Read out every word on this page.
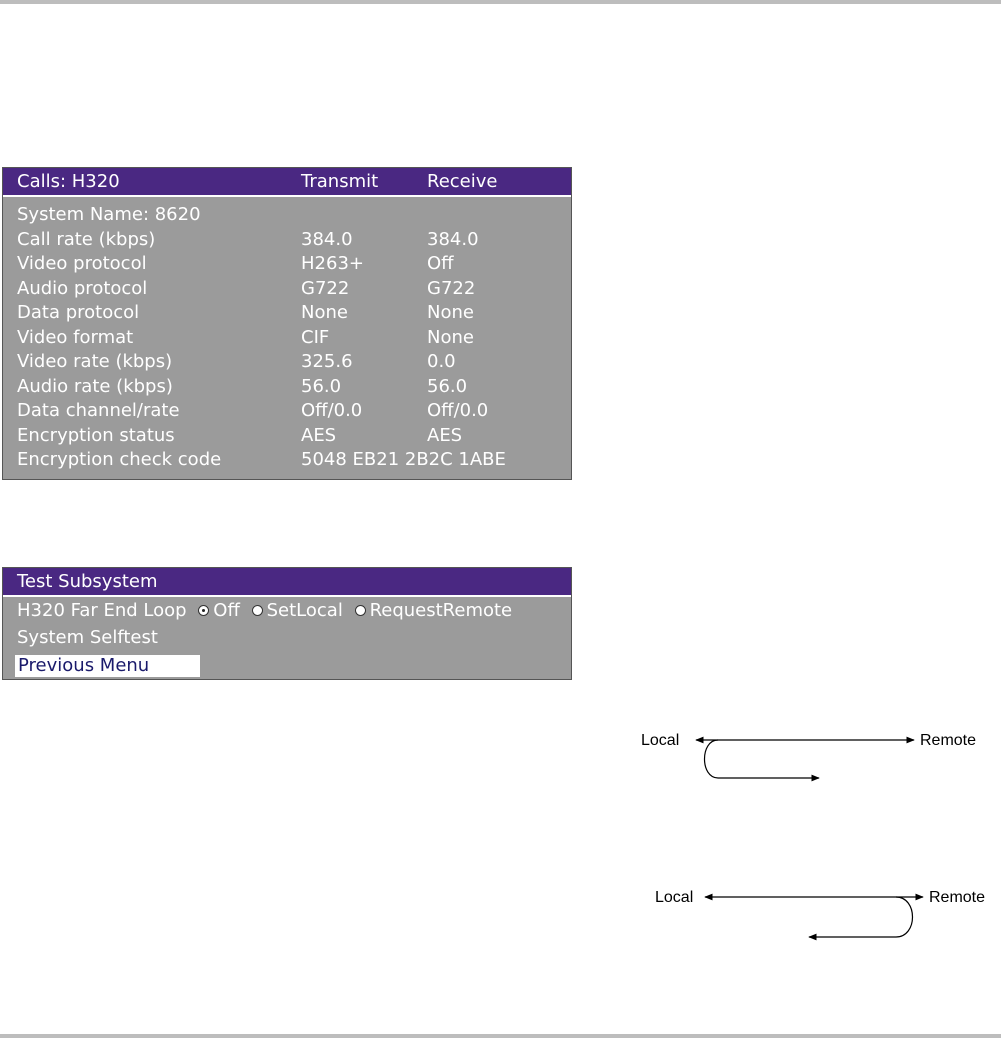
Calls: H320	Transmit	Receive
System Name: 8620
Call rate (kbps)	384.0	384.0
Video protocol	H263+	Off
Audio protocol	G722	G722
Data protocol	None	None
Video format	CIF	None
Video rate (kbps)	325.6	0.0
Audio rate (kbps)	56.0	56.0
Data channel/rate	Off/0.0	Off/0.0
Encryption status	AES	AES
Encryption check code	5048 EB21 2B2C 1ABE
Test Subsystem
H320 Far End Loop Off SetLocal RequestRemote
System Selftest
Previous Menu
Local	Remote
Local	Remote
